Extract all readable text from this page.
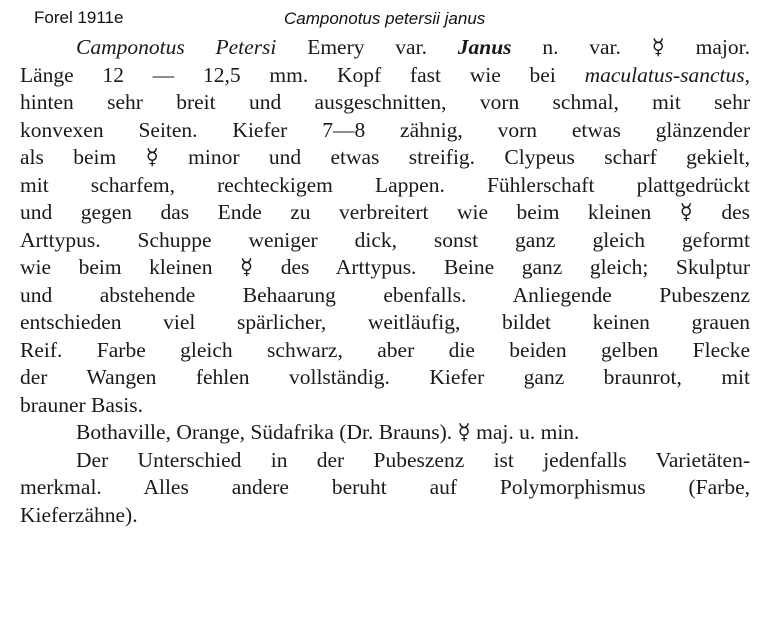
Forel 1911e	Camponotus petersii janus
Camponotus Petersi Emery var. Janus n. var. ☿ major.
Länge 12 — 12,5 mm. Kopf fast wie bei maculatus-sanctus,
hinten sehr breit und ausgeschnitten, vorn schmal, mit sehr
konvexen Seiten. Kiefer 7—8 zähnig, vorn etwas glänzender
als beim ☿ minor und etwas streifig. Clypeus scharf gekielt,
mit scharfem, rechteckigem Lappen. Fühlerschaft plattgedrückt
und gegen das Ende zu verbreitert wie beim kleinen ☿ des
Arttypus. Schuppe weniger dick, sonst ganz gleich geformt
wie beim kleinen ☿ des Arttypus. Beine ganz gleich; Skulptur
und abstehende Behaarung ebenfalls. Anliegende Pubeszenz
entschieden viel spärlicher, weitläufig, bildet keinen grauen
Reif. Farbe gleich schwarz, aber die beiden gelben Flecke
der Wangen fehlen vollständig. Kiefer ganz braunrot, mit
brauner Basis.
Bothaville, Orange, Südafrika (Dr. Brauns). ☿ maj. u. min.
Der Unterschied in der Pubeszenz ist jedenfalls Varietäten-
merkmal. Alles andere beruht auf Polymorphismus (Farbe,
Kieferzähne).
